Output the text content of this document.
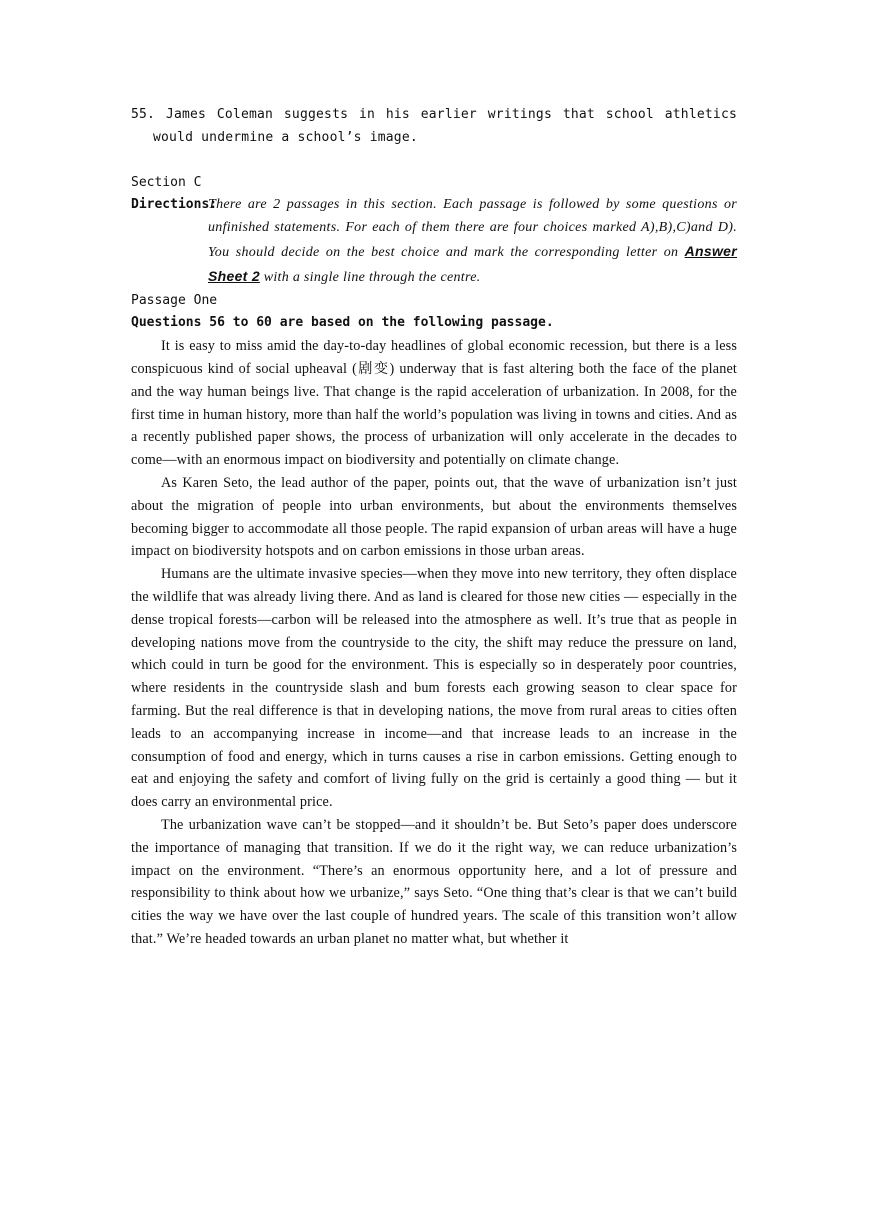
55. James Coleman suggests in his earlier writings that school athletics would undermine a school’s image.

Section C

Directions:
There are 2 passages in this section. Each passage is followed by some questions or unfinished statements. For each of them there are four choices marked A),B),C)and D). You should decide on the best choice and mark the corresponding letter on Answer Sheet 2 with a single line through the centre.

Passage One

Questions 56 to 60 are based on the following passage.

It is easy to miss amid the day-to-day headlines of global economic recession, but there is a less conspicuous kind of social upheaval (剧变) underway that is fast altering both the face of the planet and the way human beings live. That change is the rapid acceleration of urbanization. In 2008, for the first time in human history, more than half the world’s population was living in towns and cities. And as a recently published paper shows, the process of urbanization will only accelerate in the decades to come—with an enormous impact on biodiversity and potentially on climate change.

As Karen Seto, the lead author of the paper, points out, that the wave of urbanization isn’t just about the migration of people into urban environments, but about the environments themselves becoming bigger to accommodate all those people. The rapid expansion of urban areas will have a huge impact on biodiversity hotspots and on carbon emissions in those urban areas.

Humans are the ultimate invasive species—when they move into new territory, they often displace the wildlife that was already living there. And as land is cleared for those new cities — especially in the dense tropical forests—carbon will be released into the atmosphere as well. It’s true that as people in developing nations move from the countryside to the city, the shift may reduce the pressure on land, which could in turn be good for the environment. This is especially so in desperately poor countries, where residents in the countryside slash and bum forests each growing season to clear space for farming. But the real difference is that in developing nations, the move from rural areas to cities often leads to an accompanying increase in income—and that increase leads to an increase in the consumption of food and energy, which in turns causes a rise in carbon emissions. Getting enough to eat and enjoying the safety and comfort of living fully on the grid is certainly a good thing — but it does carry an environmental price.

The urbanization wave can’t be stopped—and it shouldn’t be. But Seto’s paper does underscore the importance of managing that transition. If we do it the right way, we can reduce urbanization’s impact on the environment. “There’s an enormous opportunity here, and a lot of pressure and responsibility to think about how we urbanize,” says Seto. “One thing that’s clear is that we can’t build cities the way we have over the last couple of hundred years. The scale of this transition won’t allow that.” We’re headed towards an urban planet no matter what, but whether it
